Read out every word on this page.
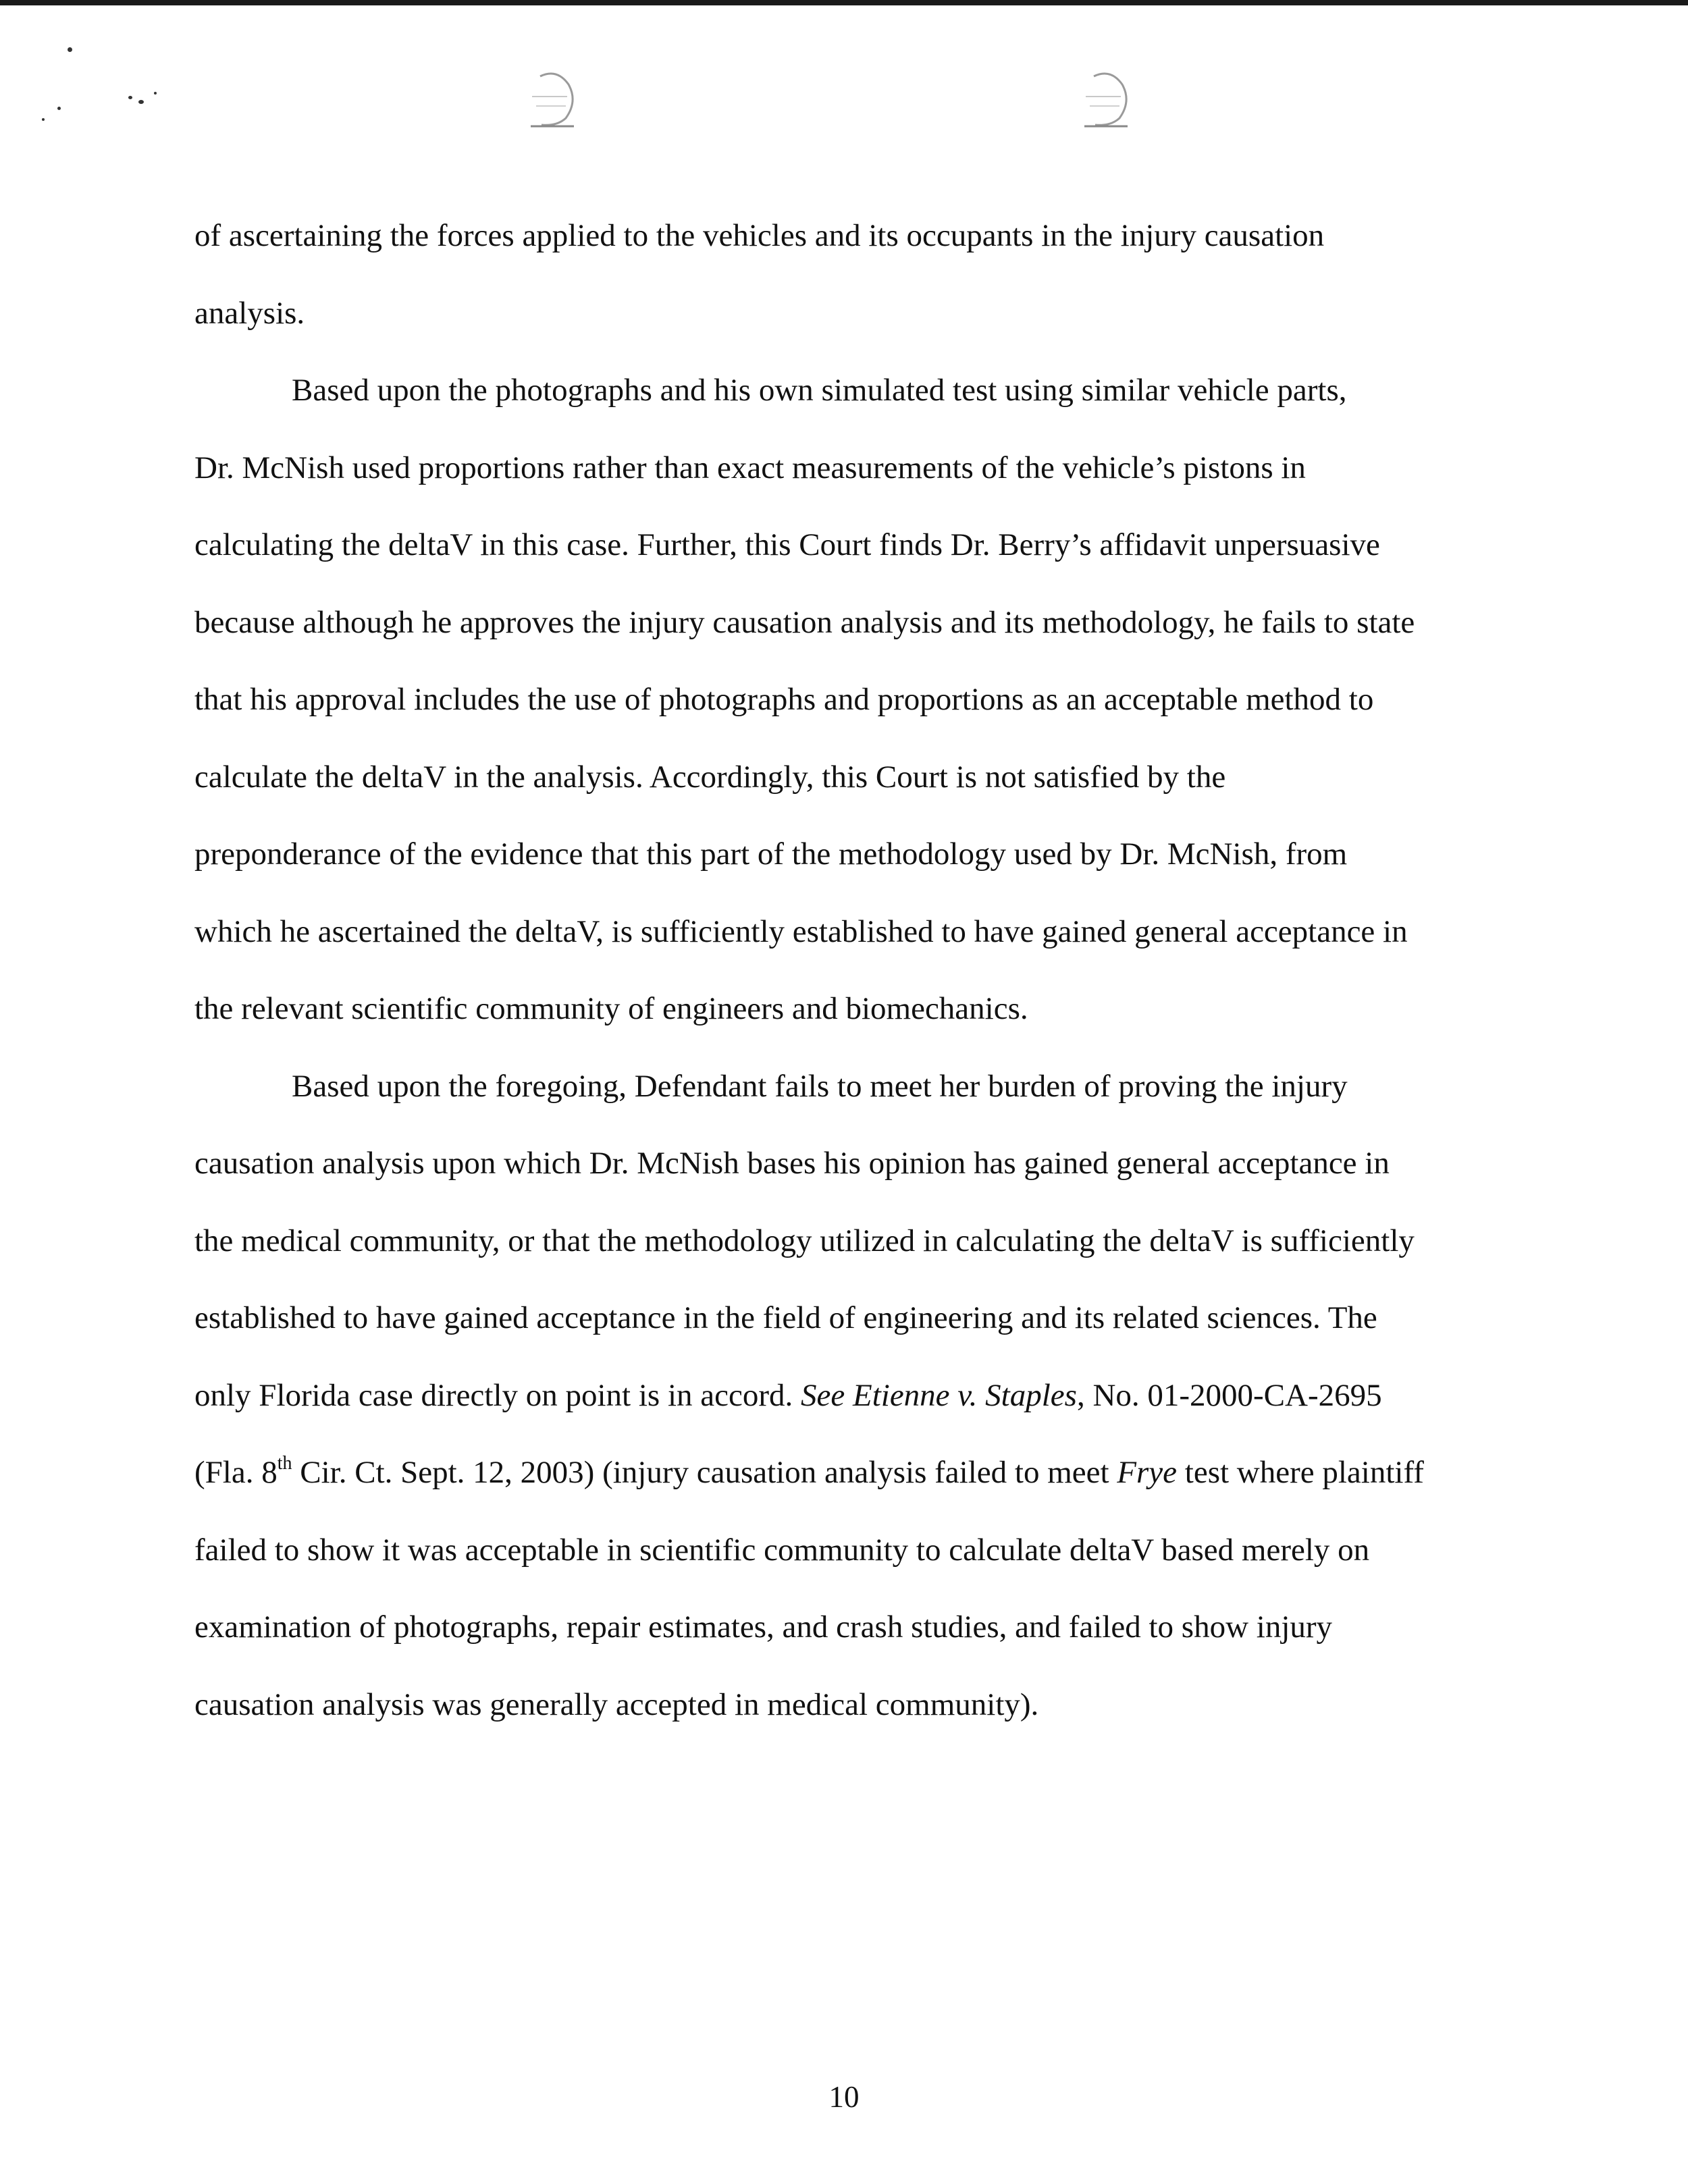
of ascertaining the forces applied to the vehicles and its occupants in the injury causation
analysis.

Based upon the photographs and his own simulated test using similar vehicle parts,
Dr. McNish used proportions rather than exact measurements of the vehicle’s pistons in
calculating the deltaV in this case. Further, this Court finds Dr. Berry’s affidavit unpersuasive
because although he approves the injury causation analysis and its methodology, he fails to state
that his approval includes the use of photographs and proportions as an acceptable method to
calculate the deltaV in the analysis. Accordingly, this Court is not satisfied by the
preponderance of the evidence that this part of the methodology used by Dr. McNish, from
which he ascertained the deltaV, is sufficiently established to have gained general acceptance in
the relevant scientific community of engineers and biomechanics.

Based upon the foregoing, Defendant fails to meet her burden of proving the injury
causation analysis upon which Dr. McNish bases his opinion has gained general acceptance in
the medical community, or that the methodology utilized in calculating the deltaV is sufficiently
established to have gained acceptance in the field of engineering and its related sciences. The
only Florida case directly on point is in accord. See Etienne v. Staples, No. 01-2000-CA-2695
(Fla. 8th Cir. Ct. Sept. 12, 2003) (injury causation analysis failed to meet Frye test where plaintiff
failed to show it was acceptable in scientific community to calculate deltaV based merely on
examination of photographs, repair estimates, and crash studies, and failed to show injury
causation analysis was generally accepted in medical community).

10
